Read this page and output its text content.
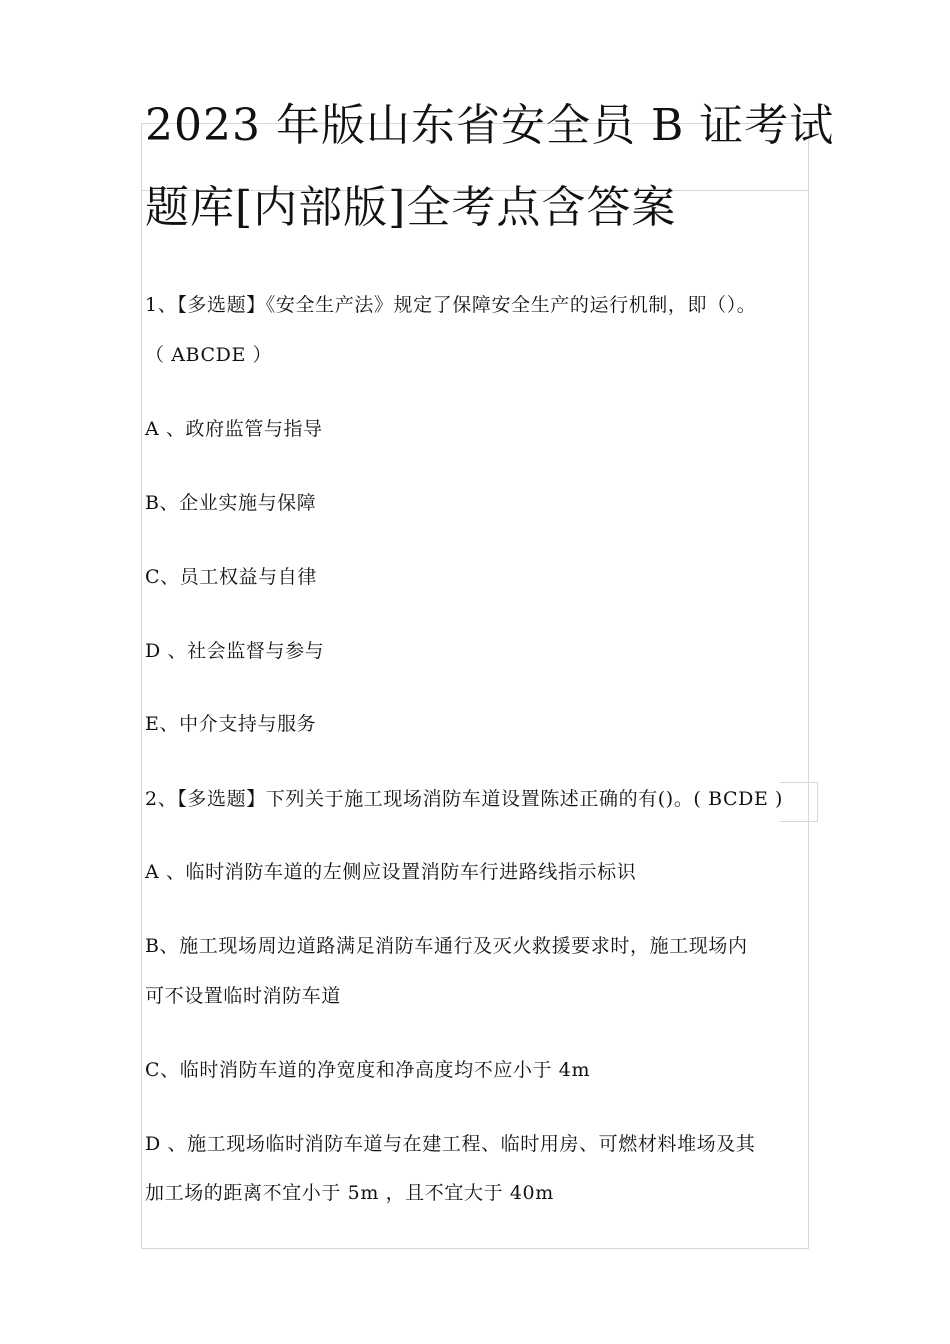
2023 年版山东省安全员 B 证考试
题库[内部版]全考点含答案

1、【多选题】《安全生产法》规定了保障安全生产的运行机制，即（）。

（ ABCDE ）

A 、政府监管与指导

B、企业实施与保障

C、员工权益与自律

D 、社会监督与参与

E、中介支持与服务

2、【多选题】下列关于施工现场消防车道设置陈述正确的有()。( BCDE )

A 、临时消防车道的左侧应设置消防车行进路线指示标识

B、施工现场周边道路满足消防车通行及灭火救援要求时，施工现场内

可不设置临时消防车道

C、临时消防车道的净宽度和净高度均不应小于 4m

D 、施工现场临时消防车道与在建工程、临时用房、可燃材料堆场及其

加工场的距离不宜小于 5m ，且不宜大于 40m
